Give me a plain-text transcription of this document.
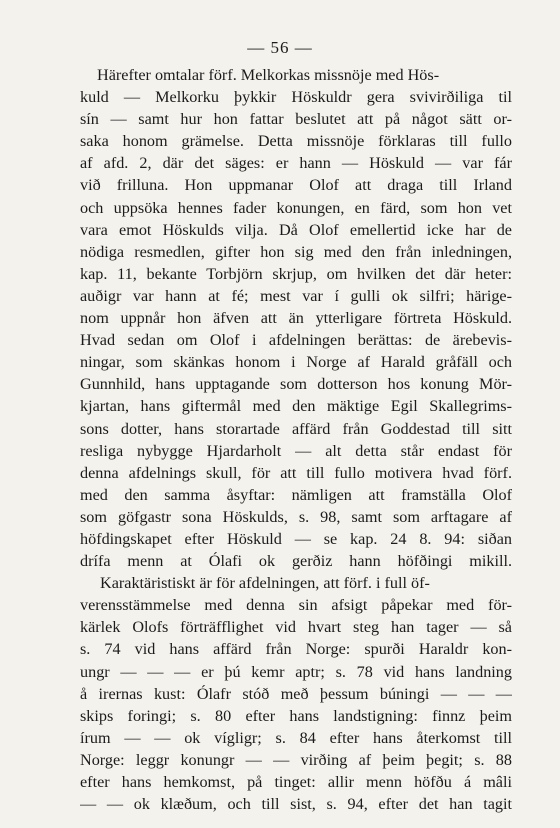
— 56 —
Härefter omtalar förf. Melkorkas missnöje med Hös-
kuld — Melkorku þykkir Höskuldr gera svivirðiliga til
sín — samt hur hon fattar beslutet att på något sätt or-
saka honom grämelse. Detta missnöje förklaras till fullo
af afd. 2, där det säges: er hann — Höskuld — var fár
við frilluna. Hon uppmanar Olof att draga till Irland
och uppsöka hennes fader konungen, en färd, som hon vet
vara emot Höskulds vilja. Då Olof emellertid icke har de
nödiga resmedlen, gifter hon sig med den från inledningen,
kap. 11, bekante Torbjörn skrjup, om hvilken det där heter:
auðigr var hann at fé; mest var í gulli ok silfri; härige-
nom uppnår hon äfven att än ytterligare förtreta Höskuld.
Hvad sedan om Olof i afdelningen berättas: de ärebevis-
ningar, som skänkas honom i Norge af Harald gråfäll och
Gunnhild, hans upptagande som dotterson hos konung Mör-
kjartan, hans giftermål med den mäktige Egil Skallegrims-
sons dotter, hans storartade affärd från Goddestad till sitt
resliga nybygge Hjardarholt — alt detta står endast för
denna afdelnings skull, för att till fullo motivera hvad förf.
med den samma åsyftar: nämligen att framställa Olof
som göfgastr sona Höskulds, s. 98, samt som arftagare af
höfdingskapet efter Höskuld — se kap. 24 8. 94: siðan
drífa menn at Ólafi ok gerðiz hann höfðingi mikill.
Karaktäristiskt är för afdelningen, att förf. i full öf-
verensstämmelse med denna sin afsigt påpekar med för-
kärlek Olofs förträfflighet vid hvart steg han tager — så
s. 74 vid hans affärd från Norge: spurði Haraldr kon-
ungr — — — er þú kemr aptr; s. 78 vid hans landning
å irernas kust: Ólafr stóð með þessum búningi — — —
skips foringi; s. 80 efter hans landstigning: finnz þeim
írum — — ok vígligr; s. 84 efter hans återkomst till
Norge: leggr konungr — — virðing af þeim þegit; s. 88
efter hans hemkomst, på tinget: allir menn höfðu á mâli
— — ok klæðum, och till sist, s. 94, efter det han tagit
